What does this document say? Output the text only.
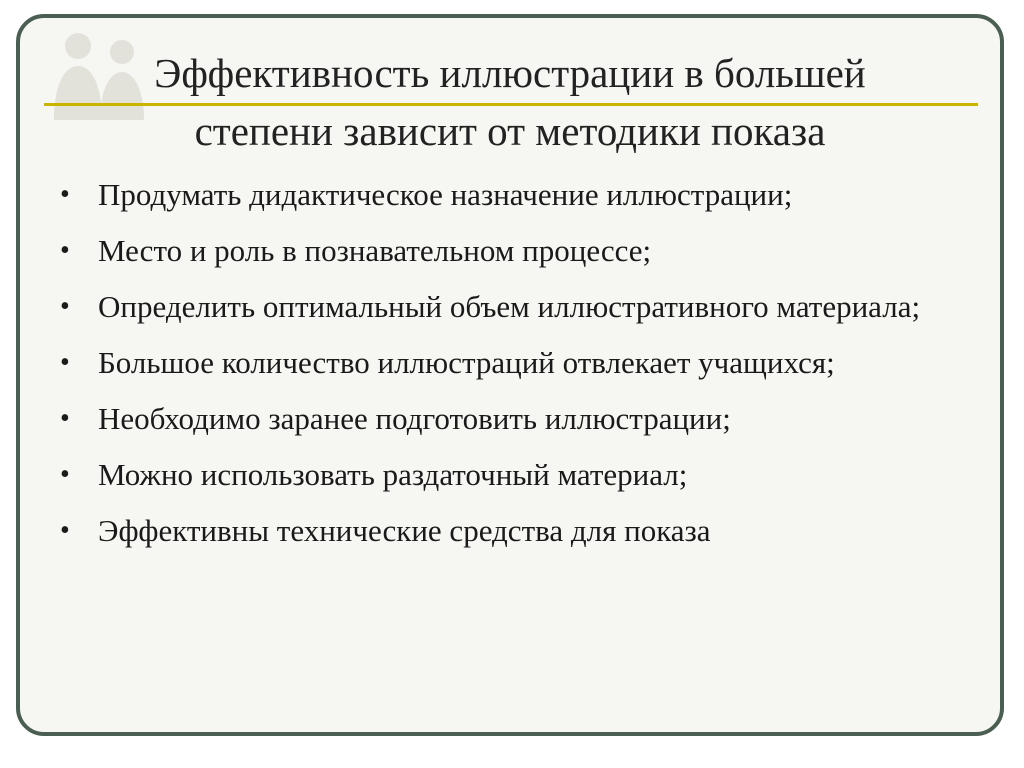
Эффективность иллюстрации в большей
степени зависит от методики показа
• Продумать дидактическое назначение иллюстрации;
• Место и роль в познавательном процессе;
• Определить оптимальный объем иллюстративного материала;
• Большое количество иллюстраций отвлекает учащихся;
• Необходимо заранее подготовить иллюстрации;
• Можно использовать раздаточный материал;
• Эффективны технические средства для показа
